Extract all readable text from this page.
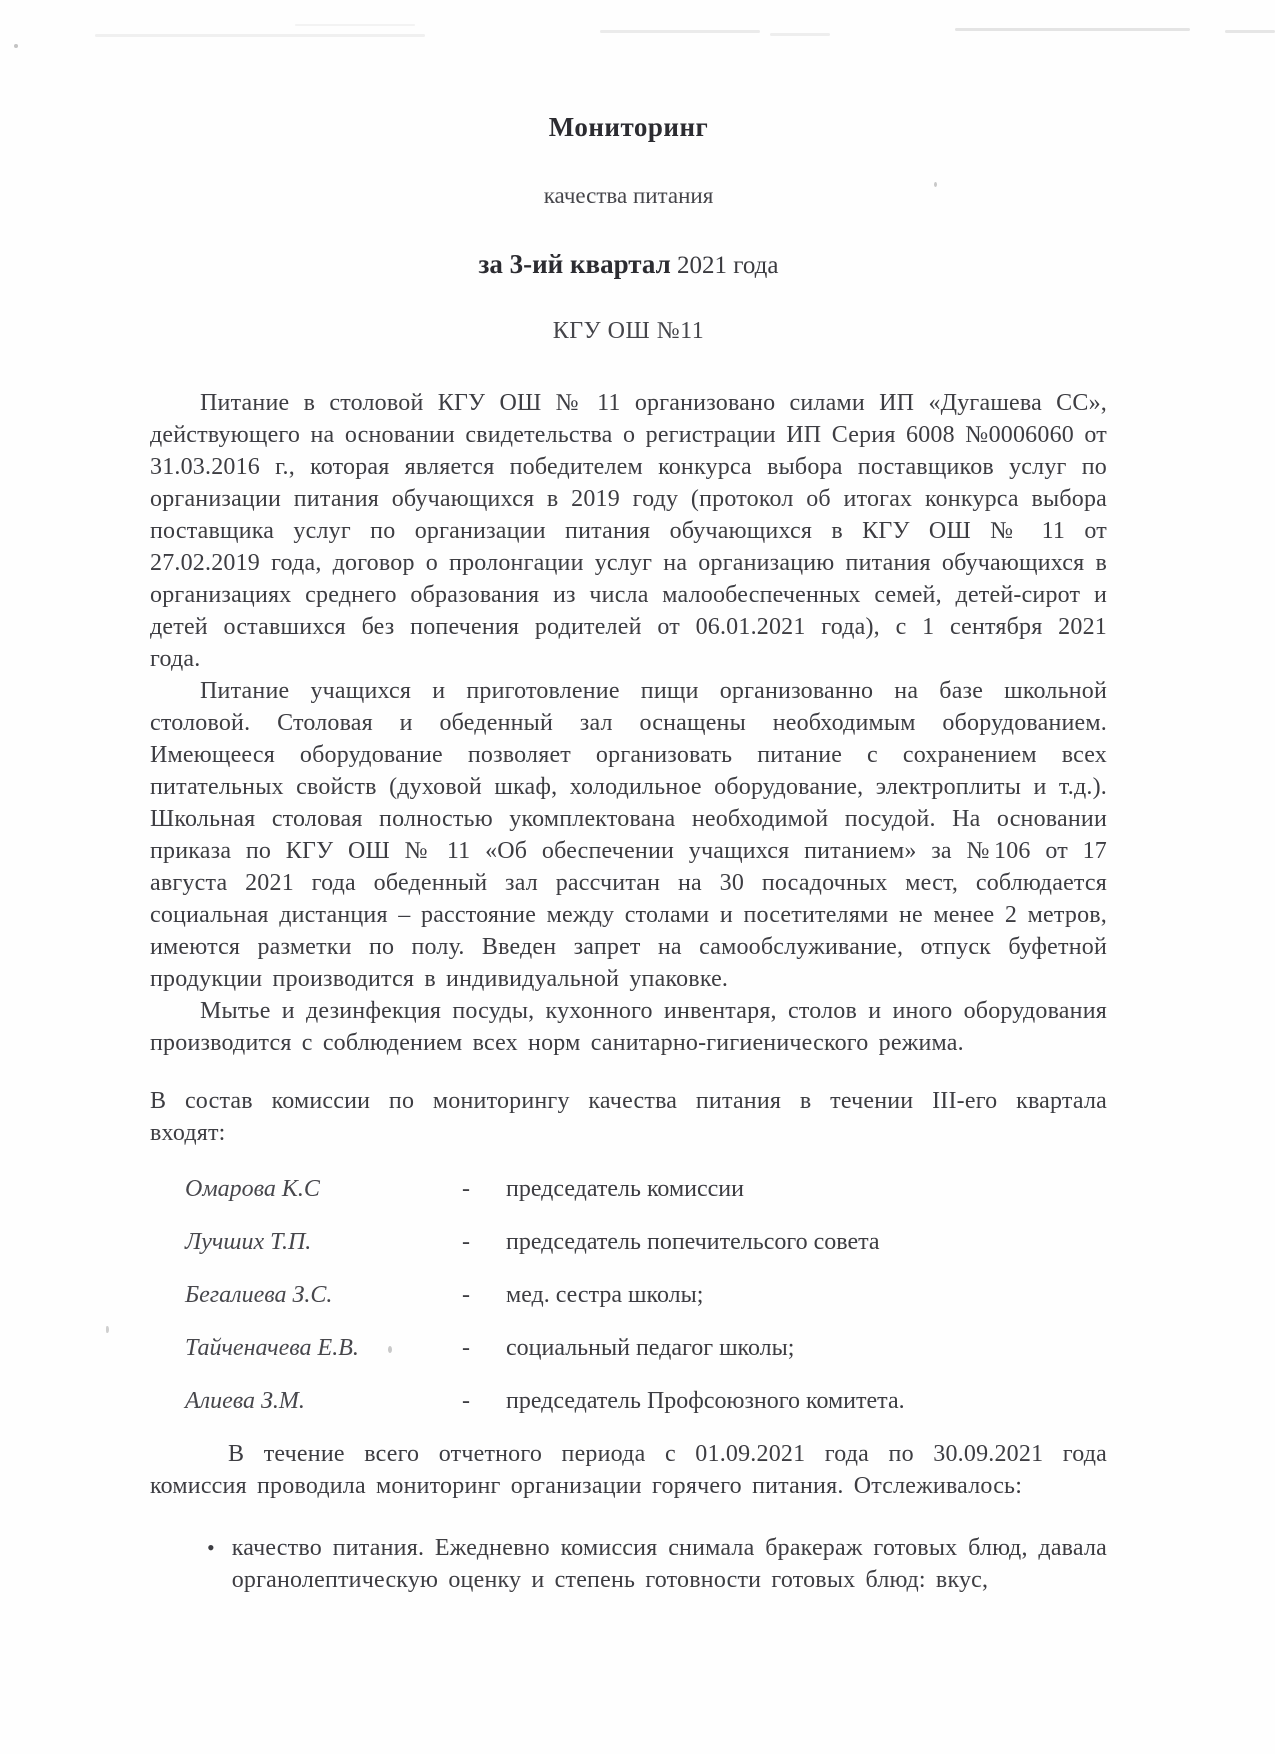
Мониторинг
качества питания
за 3-ий квартал 2021 года
КГУ ОШ №11

Питание в столовой КГУ ОШ № 11 организовано силами ИП «Дугашева СС», действующего на основании свидетельства о регистрации ИП Серия 6008 №0006060 от 31.03.2016 г., которая является победителем конкурса выбора поставщиков услуг по организации питания обучающихся в 2019 году (протокол об итогах конкурса выбора поставщика услуг по организации питания обучающихся в КГУ ОШ № 11 от 27.02.2019 года, договор о пролонгации услуг на организацию питания обучающихся в организациях среднего образования из числа малообеспеченных семей, детей-сирот и детей оставшихся без попечения родителей от 06.01.2021 года), с 1 сентября 2021 года.

Питание учащихся и приготовление пищи организованно на базе школьной столовой. Столовая и обеденный зал оснащены необходимым оборудованием. Имеющееся оборудование позволяет организовать питание с сохранением всех питательных свойств (духовой шкаф, холодильное оборудование, электроплиты и т.д.). Школьная столовая полностью укомплектована необходимой посудой. На основании приказа по КГУ ОШ № 11 «Об обеспечении учащихся питанием» за №106 от 17 августа 2021 года обеденный зал рассчитан на 30 посадочных мест, соблюдается социальная дистанция – расстояние между столами и посетителями не менее 2 метров, имеются разметки по полу. Введен запрет на самообслуживание, отпуск буфетной продукции производится в индивидуальной упаковке.

Мытье и дезинфекция посуды, кухонного инвентаря, столов и иного оборудования производится с соблюдением всех норм санитарно-гигиенического режима.

В состав комиссии по мониторингу качества питания в течении III-его квартала входят:

Омарова К.С	- председатель комиссии
Лучших Т.П.	- председатель попечительсого совета
Бегалиева З.С.	- мед. сестра школы;
Тайченачева Е.В.	- социальный педагог школы;
Алиева З.М.	- председатель Профсоюзного комитета.

В течение всего отчетного периода с 01.09.2021 года по 30.09.2021 года комиссия проводила мониторинг организации горячего питания. Отслеживалось:

• качество питания. Ежедневно комиссия снимала бракераж готовых блюд, давала органолептическую оценку и степень готовности готовых блюд: вкус,
